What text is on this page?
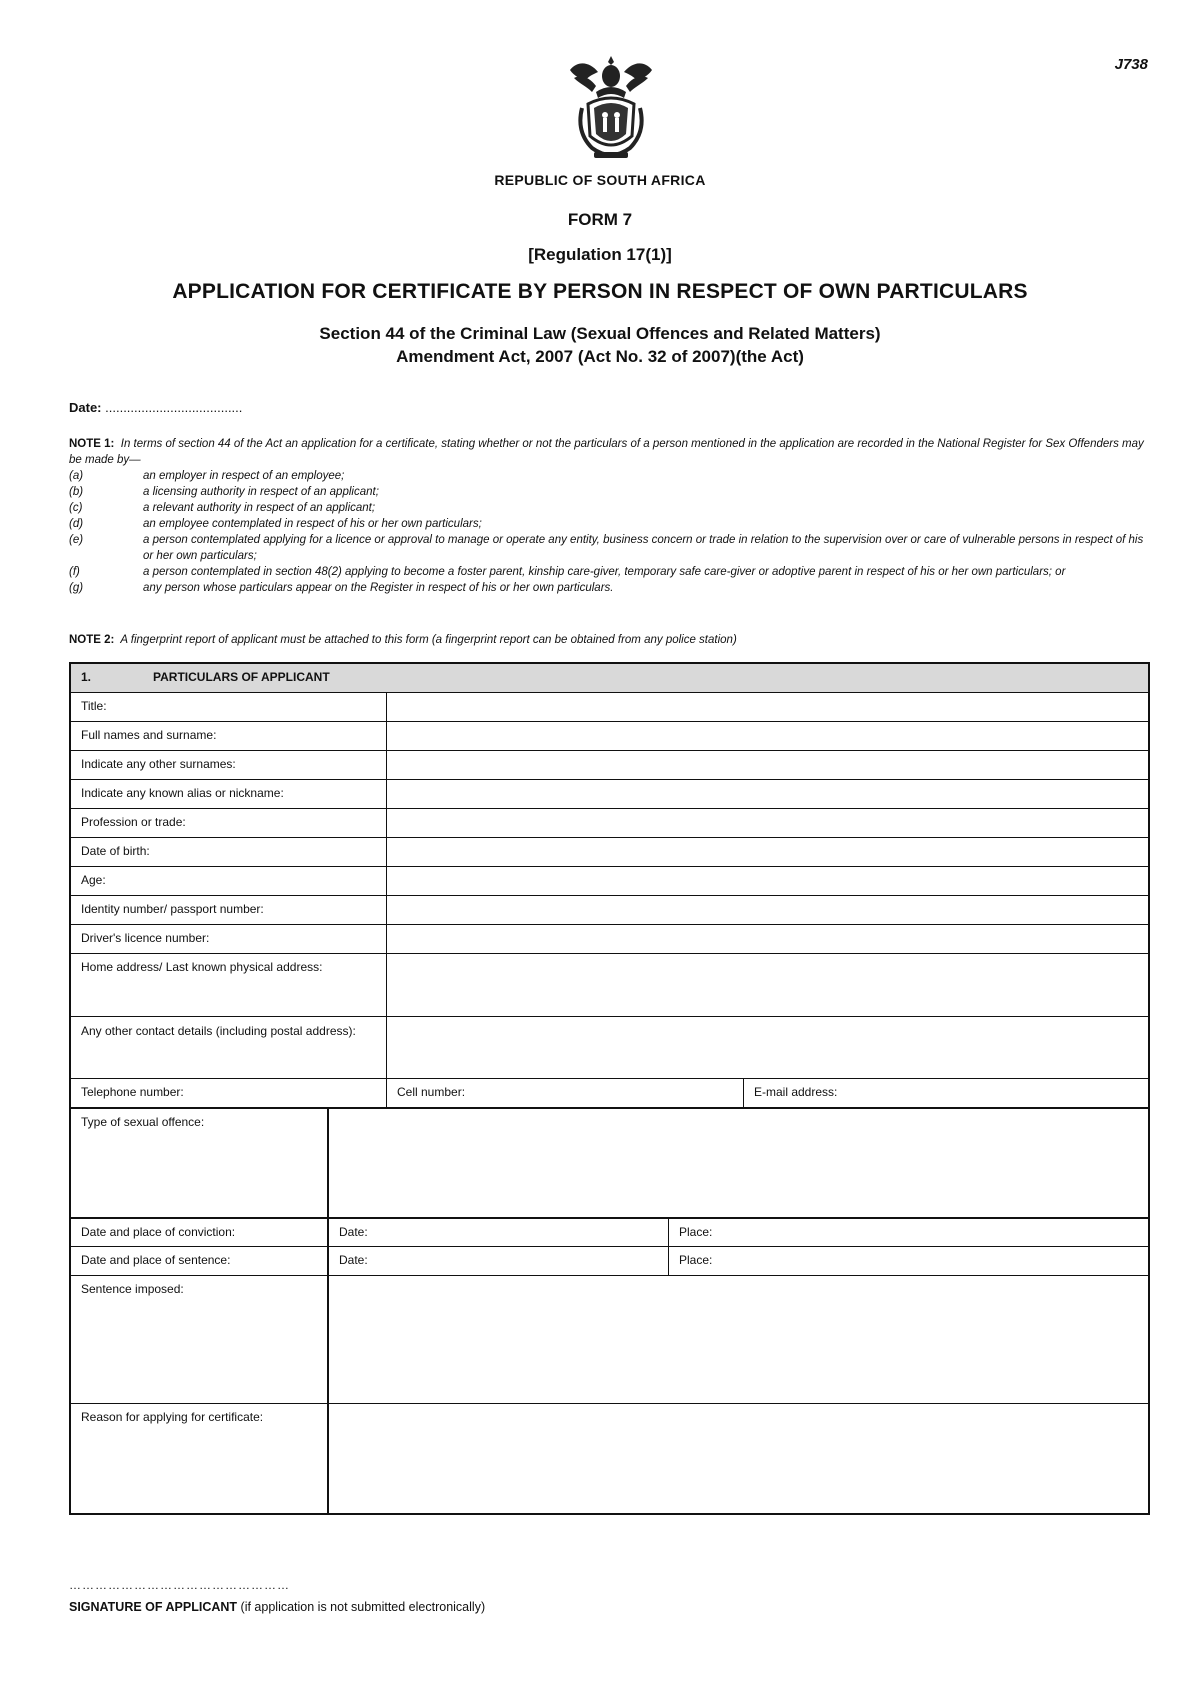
J738
REPUBLIC OF SOUTH AFRICA
FORM 7
[Regulation 17(1)]
APPLICATION FOR CERTIFICATE BY PERSON IN RESPECT OF OWN PARTICULARS
Section 44 of the Criminal Law (Sexual Offences and Related Matters)
Amendment Act, 2007 (Act No. 32 of 2007)(the Act)
Date: ......................................
NOTE 1: In terms of section 44 of the Act an application for a certificate, stating whether or not the particulars of a person mentioned in the application are recorded in the National Register for Sex Offenders may be made by—
(a)	an employer in respect of an employee;
(b)	a licensing authority in respect of an applicant;
(c)	a relevant authority in respect of an applicant;
(d)	an employee contemplated in respect of his or her own particulars;
(e)	a person contemplated applying for a licence or approval to manage or operate any entity, business concern or trade in relation to the supervision over or care of vulnerable persons in respect of his or her own particulars;
(f)	a person contemplated in section 48(2) applying to become a foster parent, kinship care-giver, temporary safe care-giver or adoptive parent in respect of his or her own particulars; or
(g)	any person whose particulars appear on the Register in respect of his or her own particulars.
NOTE 2: A fingerprint report of applicant must be attached to this form (a fingerprint report can be obtained from any police station)
1.	PARTICULARS OF APPLICANT
Title:
Full names and surname:
Indicate any other surnames:
Indicate any known alias or nickname:
Profession or trade:
Date of birth:
Age:
Identity number/ passport number:
Driver's licence number:
Home address/ Last known physical address:
Any other contact details (including postal address):
Telephone number:	Cell number:	E-mail address:
Type of sexual offence:
Date and place of conviction:	Date:	Place:
Date and place of sentence:	Date:	Place:
Sentence imposed:
Reason for applying for certificate:
……………………………………………
SIGNATURE OF APPLICANT (if application is not submitted electronically)
